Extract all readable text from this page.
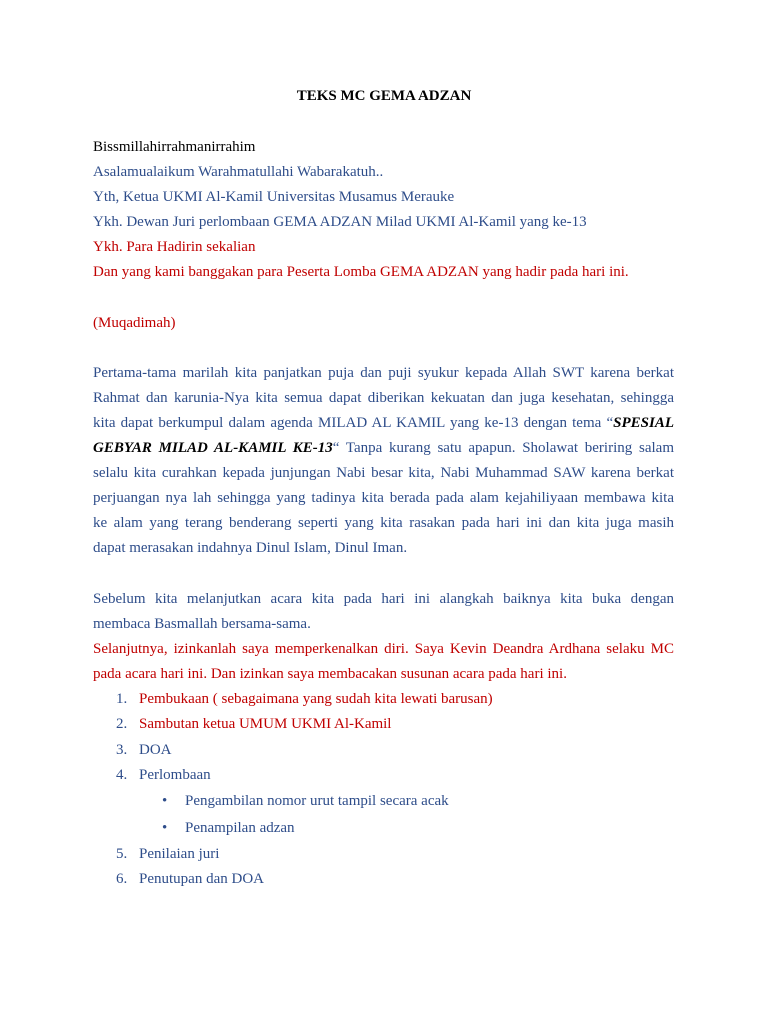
TEKS MC GEMA ADZAN
Bissmillahirrahmanirrahim
Asalamualaikum Warahmatullahi Wabarakatuh..
Yth, Ketua UKMI Al-Kamil Universitas Musamus Merauke
Ykh. Dewan Juri perlombaan GEMA ADZAN Milad UKMI Al-Kamil yang ke-13
Ykh. Para Hadirin sekalian
Dan yang kami banggakan para Peserta Lomba GEMA ADZAN yang hadir pada hari ini.
(Muqadimah)
Pertama-tama marilah kita panjatkan puja dan puji syukur kepada Allah SWT karena berkat
Rahmat dan karunia-Nya kita semua dapat diberikan kekuatan dan juga kesehatan, sehingga
kita dapat berkumpul dalam agenda MILAD AL KAMIL yang ke-13 dengan tema “SPESIAL
GEBYAR MILAD AL-KAMIL KE-13“ Tanpa kurang satu apapun. Sholawat beriring salam
selalu kita curahkan kepada junjungan Nabi besar kita, Nabi Muhammad SAW karena berkat
perjuangan nya lah sehingga yang tadinya kita berada pada alam kejahiliyaan membawa kita
ke alam yang terang benderang seperti yang kita rasakan pada hari ini dan kita juga masih
dapat merasakan indahnya Dinul Islam, Dinul Iman.
Sebelum kita melanjutkan acara kita pada hari ini alangkah baiknya kita buka dengan
membaca Basmallah bersama-sama.
Selanjutnya, izinkanlah saya memperkenalkan diri. Saya Kevin Deandra Ardhana selaku MC
pada acara hari ini. Dan izinkan saya membacakan susunan acara pada hari ini.
1. Pembukaan ( sebagaimana yang sudah kita lewati barusan)
2. Sambutan ketua UMUM UKMI Al-Kamil
3. DOA
4. Perlombaan
• Pengambilan nomor urut tampil secara acak
• Penampilan adzan
5. Penilaian juri
6. Penutupan dan DOA
